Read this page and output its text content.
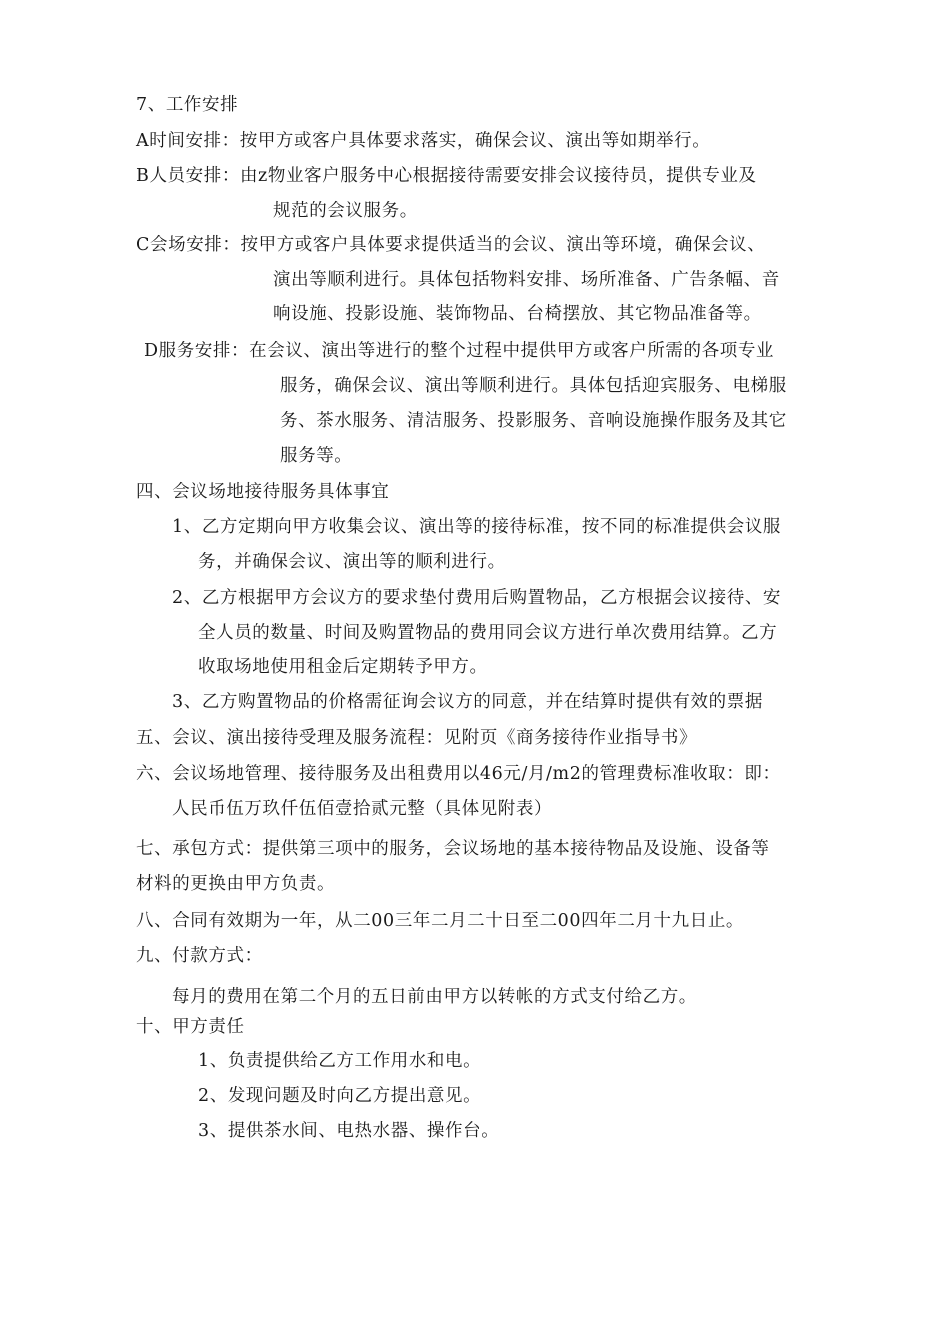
7、工作安排
A时间安排：按甲方或客户具体要求落实，确保会议、演出等如期举行。
B人员安排：由z物业客户服务中心根据接待需要安排会议接待员，提供专业及
规范的会议服务。
C会场安排：按甲方或客户具体要求提供适当的会议、演出等环境，确保会议、
演出等顺利进行。具体包括物料安排、场所准备、广告条幅、音
响设施、投影设施、装饰物品、台椅摆放、其它物品准备等。
D服务安排：在会议、演出等进行的整个过程中提供甲方或客户所需的各项专业
服务，确保会议、演出等顺利进行。具体包括迎宾服务、电梯服
务、茶水服务、清洁服务、投影服务、音响设施操作服务及其它
服务等。
四、会议场地接待服务具体事宜
1、乙方定期向甲方收集会议、演出等的接待标准，按不同的标准提供会议服
务，并确保会议、演出等的顺利进行。
2、乙方根据甲方会议方的要求垫付费用后购置物品，乙方根据会议接待、安
全人员的数量、时间及购置物品的费用同会议方进行单次费用结算。乙方
收取场地使用租金后定期转予甲方。
3、乙方购置物品的价格需征询会议方的同意，并在结算时提供有效的票据
五、会议、演出接待受理及服务流程：见附页《商务接待作业指导书》
六、会议场地管理、接待服务及出租费用以46元/月/m2的管理费标准收取：即：
人民币伍万玖仟伍佰壹拾贰元整（具体见附表）
七、承包方式：提供第三项中的服务，会议场地的基本接待物品及设施、设备等
材料的更换由甲方负责。
八、合同有效期为一年，从二00三年二月二十日至二00四年二月十九日止。
九、付款方式：
每月的费用在第二个月的五日前由甲方以转帐的方式支付给乙方。
十、甲方责任
1、负责提供给乙方工作用水和电。
2、发现问题及时向乙方提出意见。
3、提供茶水间、电热水器、操作台。
